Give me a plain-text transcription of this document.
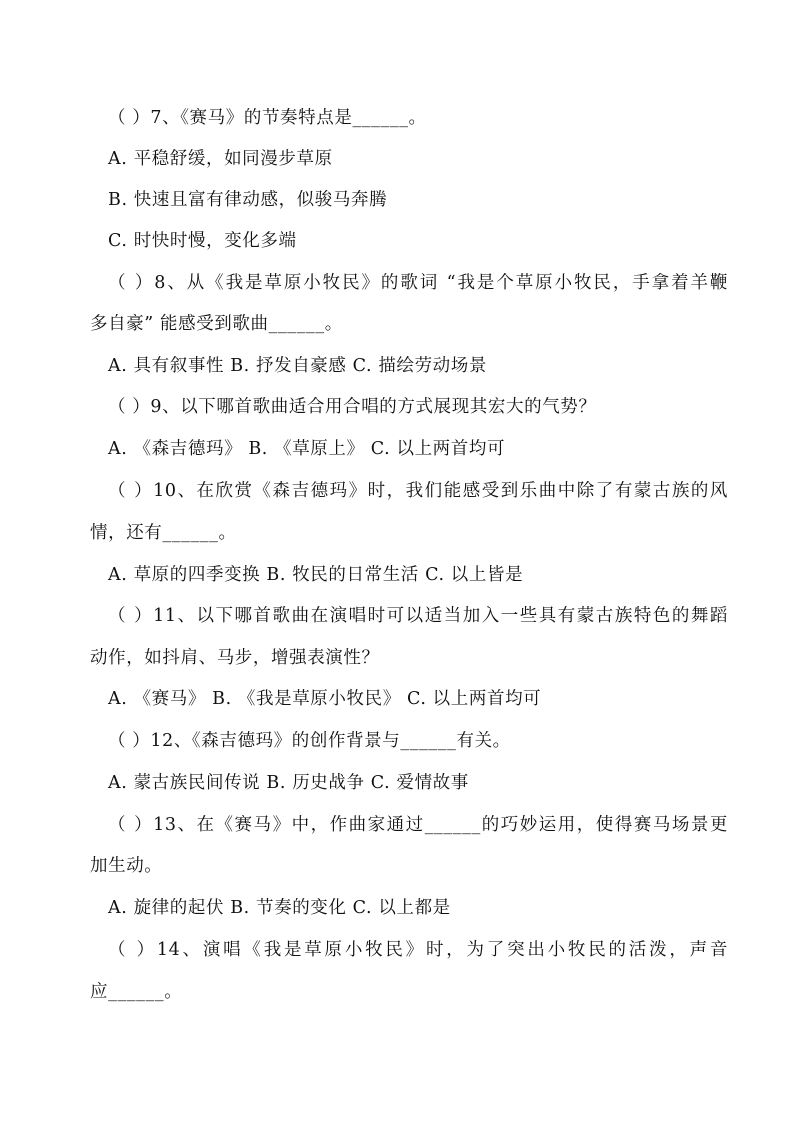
（ ）7、《赛马》的节奏特点是______。
A. 平稳舒缓，如同漫步草原
B. 快速且富有律动感，似骏马奔腾
C. 时快时慢，变化多端
（ ）8、从《我是草原小牧民》的歌词 “我是个草原小牧民，手拿着羊鞭
多自豪” 能感受到歌曲______。
A. 具有叙事性 B. 抒发自豪感 C. 描绘劳动场景
（ ）9、以下哪首歌曲适合用合唱的方式展现其宏大的气势？
A. 《森吉德玛》 B. 《草原上》 C. 以上两首均可
（ ）10、在欣赏《森吉德玛》时，我们能感受到乐曲中除了有蒙古族的风
情，还有______。
A. 草原的四季变换 B. 牧民的日常生活 C. 以上皆是
（ ）11、以下哪首歌曲在演唱时可以适当加入一些具有蒙古族特色的舞蹈
动作，如抖肩、马步，增强表演性？
A. 《赛马》 B. 《我是草原小牧民》 C. 以上两首均可
（ ）12、《森吉德玛》的创作背景与______有关。
A. 蒙古族民间传说 B. 历史战争 C. 爱情故事
（ ）13、在《赛马》中，作曲家通过______的巧妙运用，使得赛马场景更
加生动。
A. 旋律的起伏 B. 节奏的变化 C. 以上都是
（ ）14、演唱《我是草原小牧民》时，为了突出小牧民的活泼，声音
应______。
